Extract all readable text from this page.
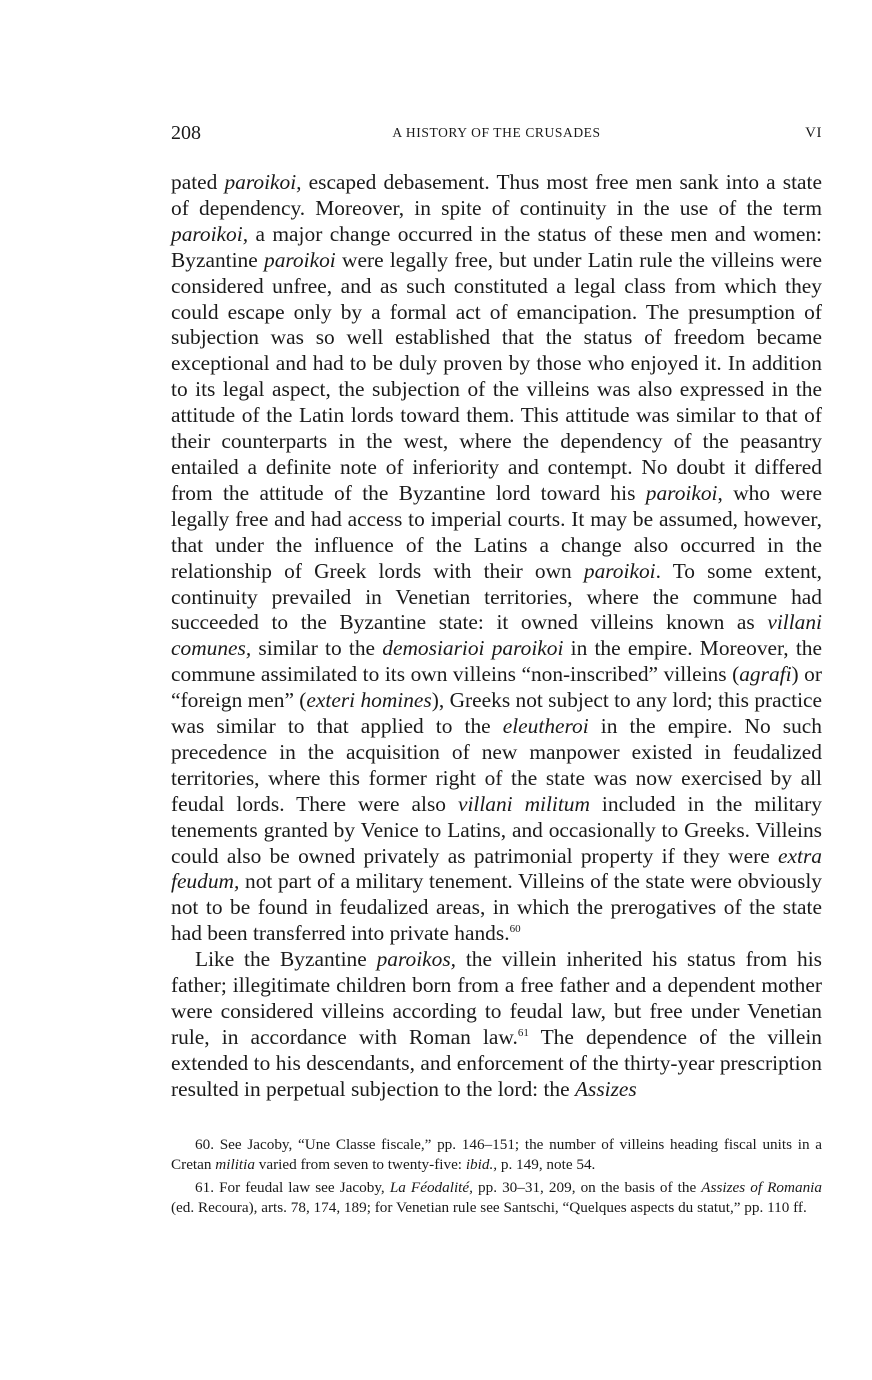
208	A HISTORY OF THE CRUSADES	VI

pated paroikoi, escaped debasement. Thus most free men sank into a state of dependency. Moreover, in spite of continuity in the use of the term paroikoi, a major change occurred in the status of these men and women: Byzantine paroikoi were legally free, but under Latin rule the villeins were considered unfree, and as such constituted a legal class from which they could escape only by a formal act of emancipation. The presumption of subjection was so well established that the status of freedom became exceptional and had to be duly proven by those who enjoyed it. In addition to its legal aspect, the subjection of the villeins was also expressed in the attitude of the Latin lords toward them. This attitude was similar to that of their counterparts in the west, where the dependency of the peasantry entailed a definite note of inferiority and contempt. No doubt it differed from the attitude of the Byzantine lord toward his paroikoi, who were legally free and had access to imperial courts. It may be assumed, however, that under the influence of the Latins a change also occurred in the relationship of Greek lords with their own paroikoi. To some extent, continuity prevailed in Venetian territories, where the commune had succeeded to the Byzantine state: it owned villeins known as villani comunes, similar to the demosiarioi paroikoi in the empire. Moreover, the commune assimilated to its own villeins “non-inscribed” villeins (agrafi) or “foreign men” (exteri homines), Greeks not subject to any lord; this practice was similar to that applied to the eleutheroi in the empire. No such precedence in the acquisition of new manpower existed in feudalized territories, where this former right of the state was now exercised by all feudal lords. There were also villani militum included in the military tenements granted by Venice to Latins, and occasionally to Greeks. Villeins could also be owned privately as patrimonial property if they were extra feudum, not part of a military tenement. Villeins of the state were obviously not to be found in feudalized areas, in which the prerogatives of the state had been transferred into private hands.$^{60}$

Like the Byzantine paroikos, the villein inherited his status from his father; illegitimate children born from a free father and a dependent mother were considered villeins according to feudal law, but free under Venetian rule, in accordance with Roman law.$^{61}$ The dependence of the villein extended to his descendants, and enforcement of the thirty-year prescription resulted in perpetual subjection to the lord: the Assizes

60. See Jacoby, “Une Classe fiscale,” pp. 146–151; the number of villeins heading fiscal units in a Cretan militia varied from seven to twenty-five: ibid., p. 149, note 54.

61. For feudal law see Jacoby, La Féodalité, pp. 30–31, 209, on the basis of the Assizes of Romania (ed. Recoura), arts. 78, 174, 189; for Venetian rule see Santschi, “Quelques aspects du statut,” pp. 110 ff.
